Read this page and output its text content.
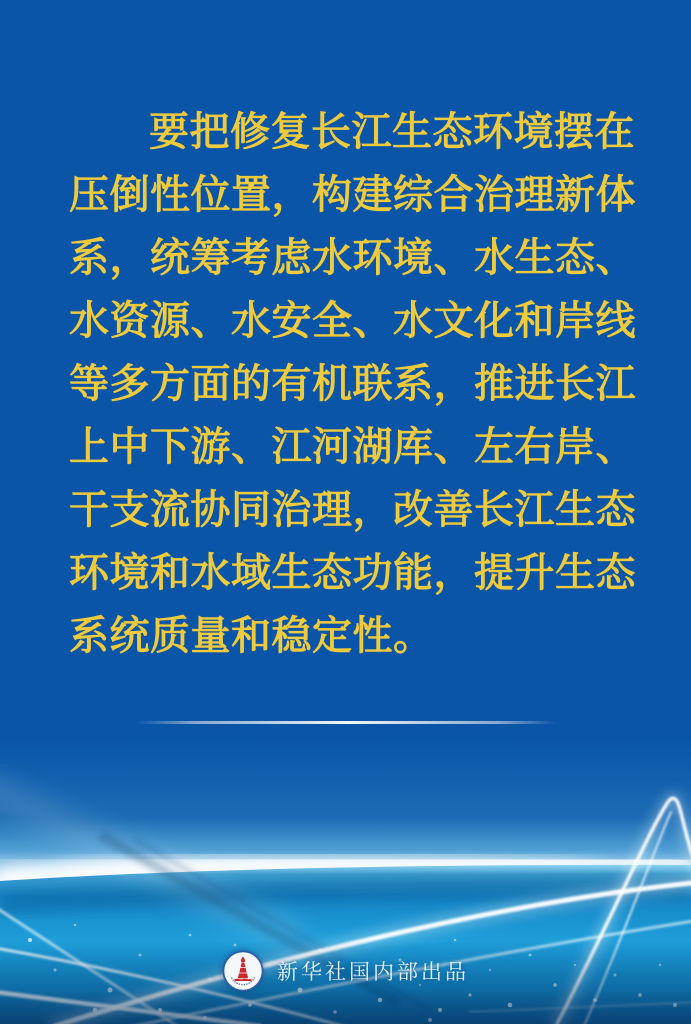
要把修复长江生态环境摆在
压倒性位置，构建综合治理新体
系，统筹考虑水环境、水生态、
水资源、水安全、水文化和岸线
等多方面的有机联系，推进长江
上中下游、江河湖库、左右岸、
干支流协同治理，改善长江生态
环境和水域生态功能，提升生态
系统质量和稳定性。
新华社国内部出品
